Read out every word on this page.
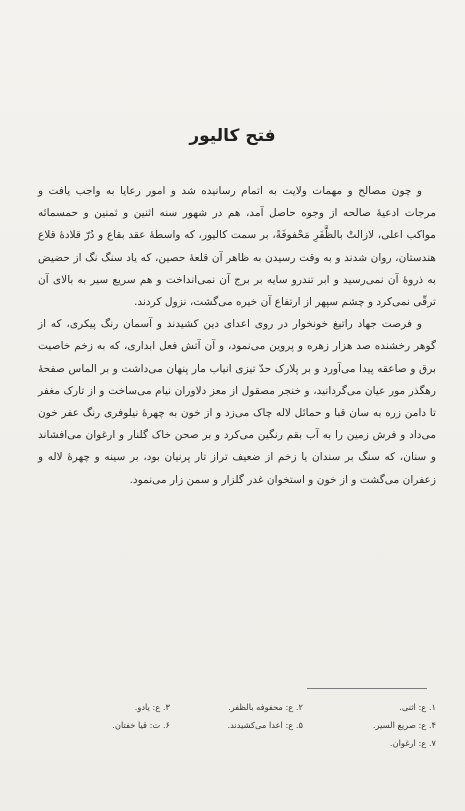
فتح کالیور

و چون مصالح و مهمات ولایت به اتمام رسانیده شد و امور رعایا به واجب یافت و مرجات ادعیهٔ صالحه از وجوه حاصل آمد، هم در شهور سنه اثنین و ثمنین و حمسمائه مواکب اعلی، لازالتْ بالظَّفَرِ مَحْفوفَةً، بر سمت کالیور، که واسطهٔ عقد بقاع و دُرّ قلادهٔ قلاع هندستان، روان شدند و به وقت رسیدن به ظاهر آن قلعهٔ حصین، که یاد سنگ نگ از حضیض به ذروهٔ آن نمی‌رسید و ابر تندرو سایه بر برج آن نمی‌انداخت و هم سریع سیر به بالای آن ترقّی نمی‌کرد و چشم سپهر از ارتفاع آن خیره می‌گشت، نزول کردند.

و فرصت جهاد راتیغ خونخوار در روی اعدای دین کشیدند و آسمان رنگ پیکری، که از گوهر رخشنده صد هزار زهره و پروین می‌نمود، و آن آتش فعل ابداری، که به زخم خاصیت برق و صاعقه پیدا می‌آورد و بر پلارک حدّ تیزی انیاب مار پنهان می‌داشت و بر الماس صفحهٔ رهگذر مور عیان می‌گردانید، و خنجر مصقول از معز دلاوران نیام می‌ساخت و از تارک مغفر تا دامن زره به سان قبا و حمائل لاله چاک می‌زد و از خون به چهرهٔ نیلوفری رنگ عفر خون می‌داد و فرش زمین را به آب بقم رنگین می‌کرد و بر صحن خاک گلنار و ارغوان می‌افشاند و سنان، که سنگ بر سندان یا زخم از ضعیف تراز تار پرنیان بود، بر سینه و چهرهٔ لاله و زعفران می‌گشت و از خون و استخوان غدر گلزار و سمن زار می‌نمود.

۱. ع: اثنی.
۲. ع: محفوفه بالظفر.
۳. ع: یادو.
۴. ع: صریع السیر.
۵. ع: اعدا می‌کشیدند.
۶. ت: قیا خفتان.
۷. ع: ارغوان.
